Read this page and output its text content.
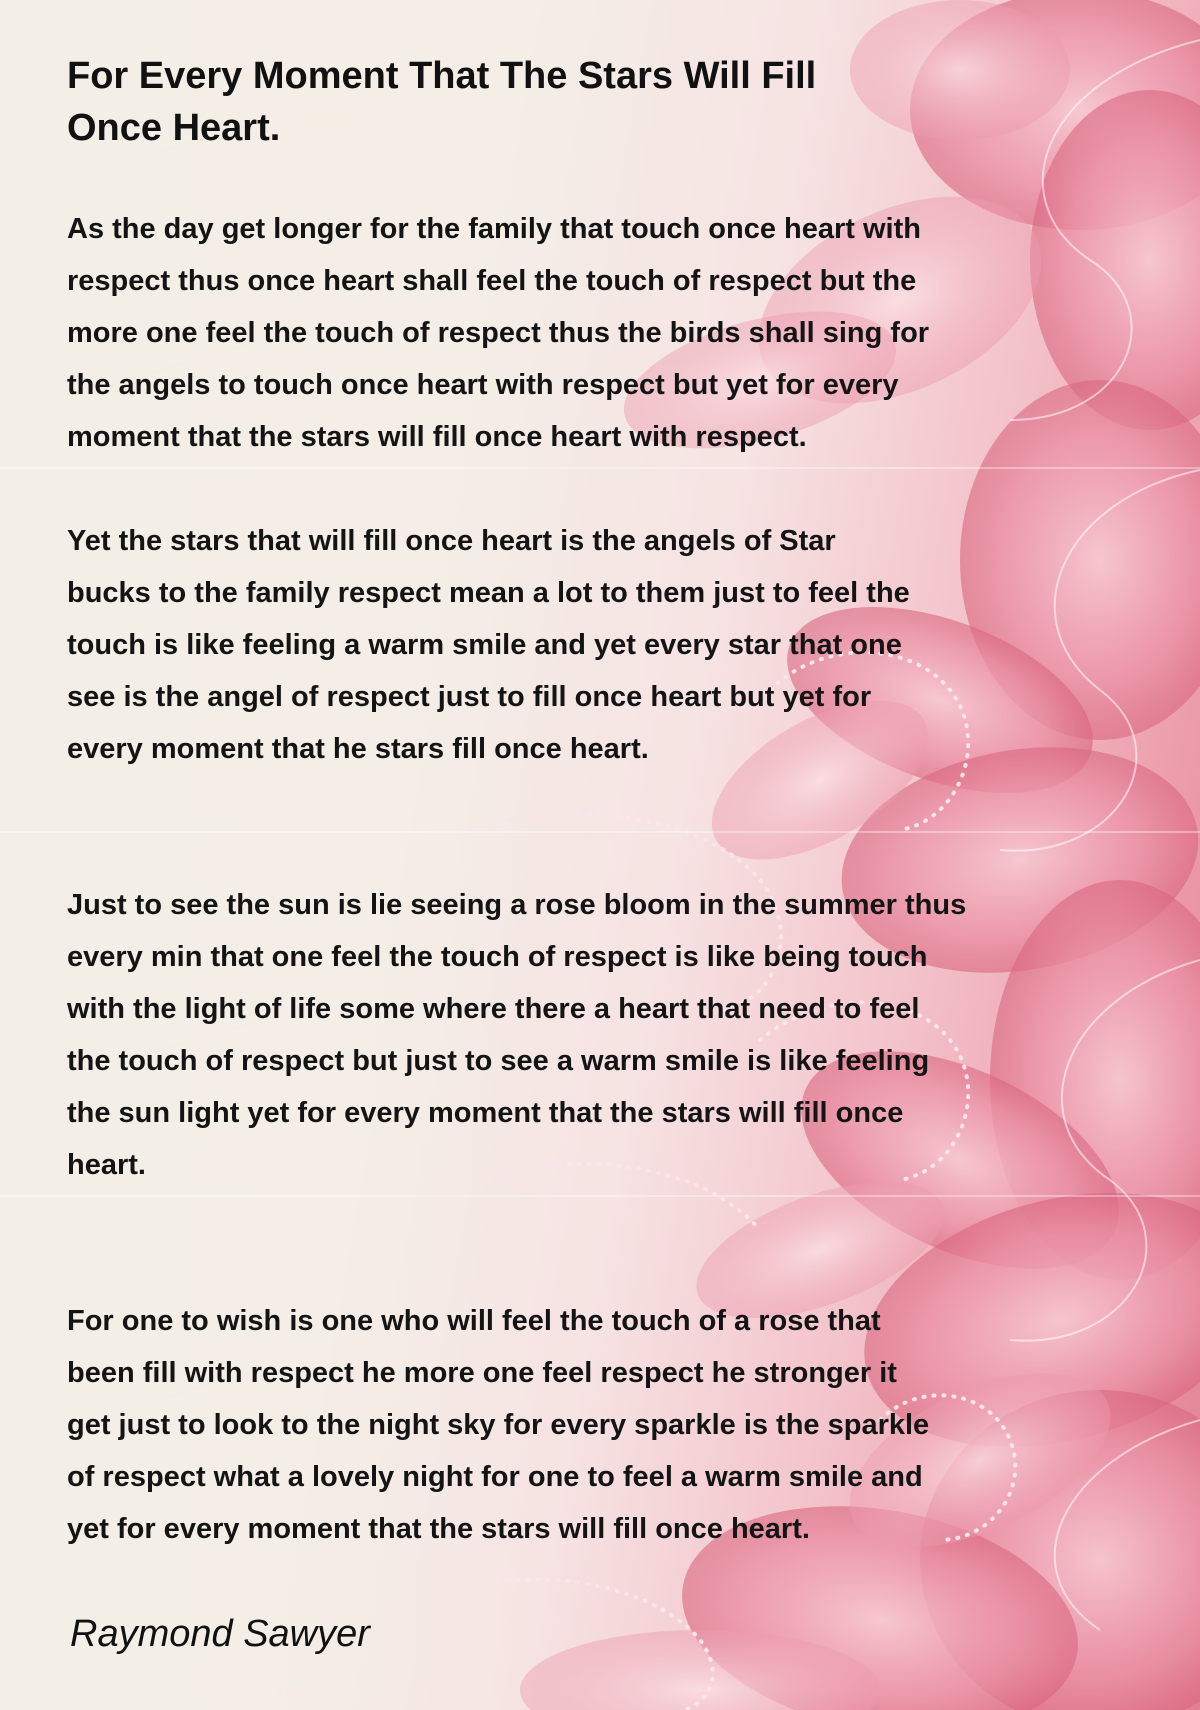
For Every Moment That The Stars Will Fill
Once Heart.

As the day get longer for the family that touch once heart with
respect thus once heart shall feel the touch of respect but the
more one feel the touch of respect thus the birds shall sing for
the angels to touch once heart with respect but yet for every
moment that the stars will fill once heart with respect.

Yet the stars that will fill once heart is the angels of Star
bucks to the family respect mean a lot to them just to feel the
touch is like feeling a warm smile and yet every star that one
see is the angel of respect just to fill once heart but yet for
every moment that he stars fill once heart.

Just to see the sun is lie seeing a rose bloom in the summer thus
every min that one feel the touch of respect is like being touch
with the light of life some where there a heart that need to feel
the touch of respect but just to see a warm smile is like feeling
the sun light yet for every moment that the stars will fill once
heart.

For one to wish is one who will feel the touch of a rose that
been fill with respect he more one feel respect he stronger it
get just to look to the night sky for every sparkle is the sparkle
of respect what a lovely night for one to feel a warm smile and
yet for every moment that the stars will fill once heart.

Raymond Sawyer
